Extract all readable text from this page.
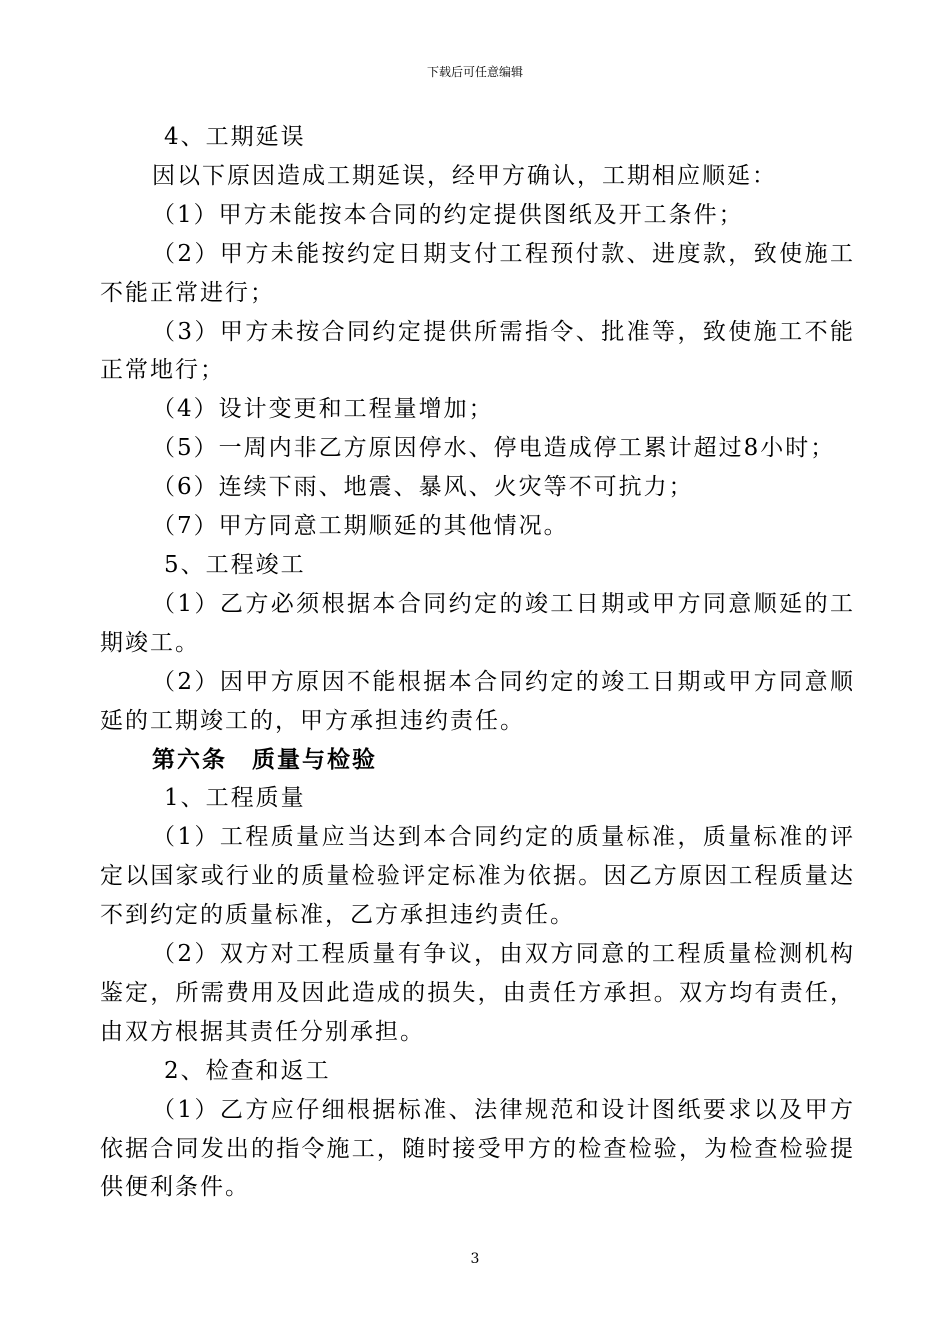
下载后可任意编辑

4、工期延误

因以下原因造成工期延误，经甲方确认，工期相应顺延：

（1）甲方未能按本合同的约定提供图纸及开工条件；

（2）甲方未能按约定日期支付工程预付款、进度款，致使施工不能正常进行；

（3）甲方未按合同约定提供所需指令、批准等，致使施工不能正常地行；

（4）设计变更和工程量增加；

（5）一周内非乙方原因停水、停电造成停工累计超过8小时；

（6）连续下雨、地震、暴风、火灾等不可抗力；

（7）甲方同意工期顺延的其他情况。

5、工程竣工

（1）乙方必须根据本合同约定的竣工日期或甲方同意顺延的工期竣工。

（2）因甲方原因不能根据本合同约定的竣工日期或甲方同意顺延的工期竣工的，甲方承担违约责任。

第六条　质量与检验

1、工程质量

（1）工程质量应当达到本合同约定的质量标准，质量标准的评定以国家或行业的质量检验评定标准为依据。因乙方原因工程质量达不到约定的质量标准，乙方承担违约责任。

（2）双方对工程质量有争议，由双方同意的工程质量检测机构鉴定，所需费用及因此造成的损失，由责任方承担。双方均有责任，由双方根据其责任分别承担。

2、检查和返工

（1）乙方应仔细根据标准、法律规范和设计图纸要求以及甲方依据合同发出的指令施工，随时接受甲方的检查检验，为检查检验提供便利条件。

3
